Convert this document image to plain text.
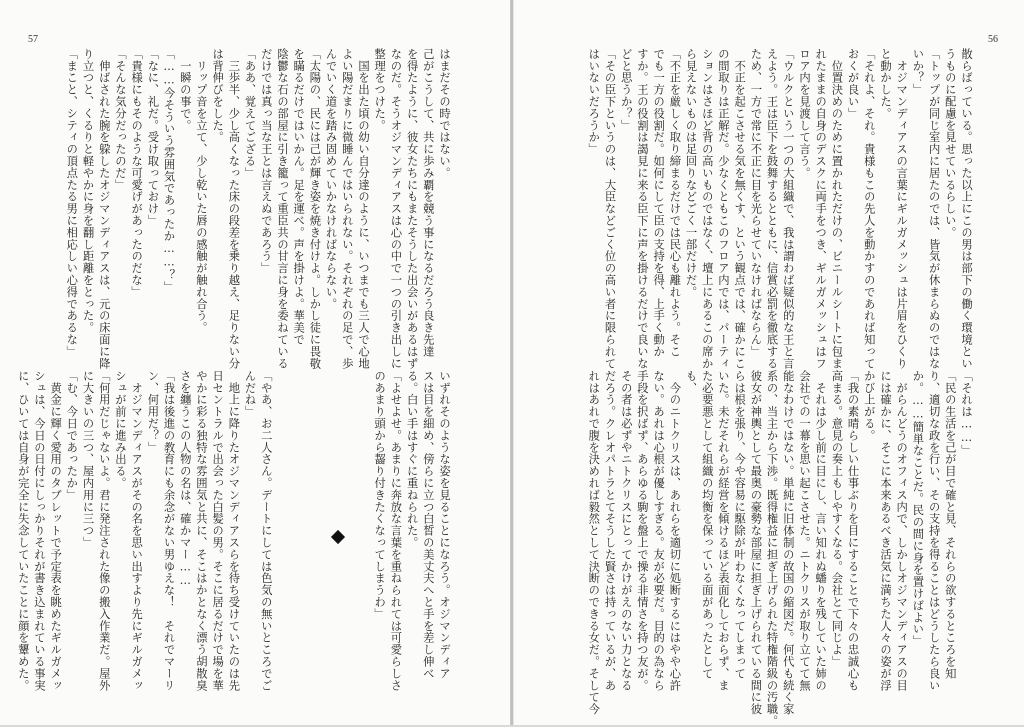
57
はまだその時ではない。
己がこうして、共に歩み覇を競う事になるだろう良き先達
を得たように、彼女たちにもまたそうした出会いがあるはず
なのだ。そうオジマンディアスは心の中で一つの引き出しに
整理をつけた。
　国を出た頃の幼い自分達のように、いつまでも三人で心地
よい陽だまりに微睡んではいられない。それぞれの足で、歩
んでいく道を踏み固めていかなければならない。
「太陽の、民には己が輝き姿を焼き付けよ。しかし徒に畏敬
を瞞るだけではいかん。足を運べ。声を掛けよ。華美で
陰鬱な石の部屋に引き籠って重臣共の甘言に身を委ねている
だけでは真っ当な王とは言えぬであろう」
「ああ、覚えてござる」
　三歩半、少し高くなった床の段差を乗り越え、足りない分
は背伸びをした。
　リップ音を立て、少し乾いた唇の感触が触れ合う。
　一瞬の事で。
「……今そういう雰囲気であったか……？」
「なに、礼だ。受け取っておけ」
「貴様にもそのような可愛げがあったのだな」
「そんな気分だったのだ」
　伸ばされた腕を躱したオジマンディアスは、元の床面に降
り立つと、くるりと軽やかに身を翻し距離をとった。
「まこと、シティの頂点たる男に相応しい心得であるな」
いずれそのような姿を見ることになろう。オジマンディア
スは目を細め、傍らに立つ白皙の美丈夫へと手を差し伸べ
る。白い手はすぐに重ねられた。
「よせよせ。あまりに奔放な言葉を重ねられては可愛らしさ
のあまり頭から齧り付きたくなってしまうわ」

「やあ、お二人さん。デートにしては色気の無いところでご
んだね」
　地上に降りたオジマンディアスらを待ち受けていたのは先
日セントラルで出会った白髪の男。そこに居るだけで場を華
やかに彩る独特な雰囲気と共に、そこはかとなく漂う胡散臭
さを纏うこの人物の名は、確かマー……
「我は後進の教育にも余念がない男ゆえな！　それでマーリ
ン、何用だ？」
　オジマンディアスがその名を思い出すより先にギルガメッ
シュが前に進み出る。
「何用だじゃないよ。君に発注された像の搬入作業だ。屋外
に大きいの三つ、屋内用に三つ」
「む、今日であったか」
　黄金に輝く愛用のタブレットで予定表を眺めたギルガメッ
シュは、今日の日付にしっかりそれが書き込まれている事実
に、ひいては自身が完全に失念していたことに顔を顰めた。
56
散らばっている。思った以上にこの男は部下の働く環境とい
うものに配慮を見せているらしい。
「トップが同じ室内に居たのでは、皆気が休まらぬのではな
いか？」
　オジマンディアスの言葉にギルガメッシュは片眉をひくり
と動かした。
「それよ、それ。貴様もこの先人を動かすのであれば知って
おくが良い」
　位置決めのために置かれただけの、ビニールシートに包ま
れたままの自身のデスクに両手をつき、ギルガメッシュはフ
ロア内を見渡して言う。
「ウルクという一つの大組織で、我は謂わば疑似的な王と言
えよう。王は臣下を鼓舞するとともに、信賞必罰を徹底する
ため、一方で常に不正に目を光らせていなければならん」
　不正を起こさせる気を無くす、という観点では、確かにこ
の間取りは正解だ。少なくともこのフロア内では、パーティ
ションはさほど背の高いものではなく、壇上にあるこの席か
ら見えないものは足回りなどごく一部だけだ。
「不正を厳しく取り締まるだけでは民心も離れよう。そこ
でも一方の役割だ。如何にして臣の支持を得、上手く動か
すか。王の役割は謁見に来る臣下に声を掛けるだけで良いな
どと思うか？」
「その臣下というのは、大臣などごく位の高い者に限られて
はいないだろうか」
「それは……」
「民の生活を己が目で確と見、それらの欲するところを知
り、適切な政を行い、その支持を得ることはどうしたら良い
か。……簡単なことだ。民の間に身を置けばよい」
　がらんどうのオフィス内で、しかしオジマンディアスの目
には確かに、そこに本来あるべき活気に満ちた人々の姿が浮
かび上がる。
「我の素晴らしい仕事ぶりを目にすることで下々の忠誠心も
高まる。意見の奏上もしやすくなる。会社とて同じよ」
　それは少し前に目にし、言い知れぬ蟠りを残していた姉の
会社での一幕を思い起こさせた。ニトクリスが取り立てて無
能なわけではない。単純に旧体制の故国の縮図だ。何代も続く家
系の、当主から下渉。既得権益に担ぎ上げられた特権階級の汚職。
彼女が神輿として最奥の豪勢な部屋に担ぎ上げられている間に彼
らは根を張り、今や容易に駆除が叶わなくなってしまって
いた。未だそれらが経営を傾けるほど表面化しておらず、ま
た必要悪として組織の均衡を保っている面があったとして
も、
　今のニトクリスは、あれらを適切に処断するにはやや心許
ない。あれは心根が優しすぎる。友が必要だ。目的の為なら
手段を択ばず、あらゆる駒を盤上で操る非情さを持つ友が。
その者は必ずやニトクリスにとってかけがえのない力となる
だろう。クレオパトラとてそうした賢さは持っているが、あ
れはあれで腹を決めれば毅然として決断のできる女だ。そして今
